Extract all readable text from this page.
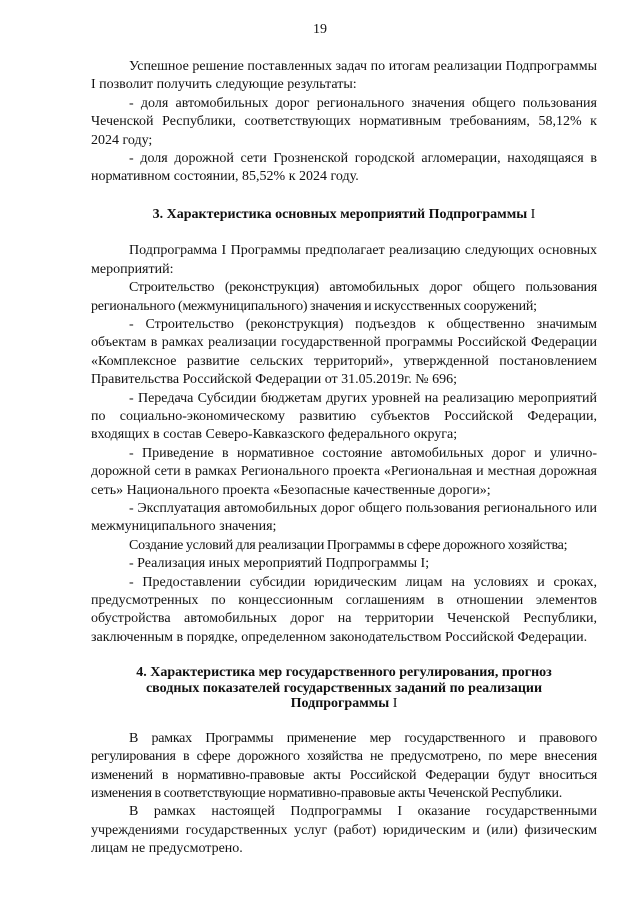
19

Успешное решение поставленных задач по итогам реализации Подпрограммы I позволит получить следующие результаты:

- доля автомобильных дорог регионального значения общего пользования Чеченской Республики, соответствующих нормативным требованиям, 58,12% к 2024 году;

- доля дорожной сети Грозненской городской агломерации, находящаяся в нормативном состоянии, 85,52% к 2024 году.

3. Характеристика основных мероприятий Подпрограммы I

Подпрограмма I Программы предполагает реализацию следующих основных мероприятий:

Строительство (реконструкция) автомобильных дорог общего пользования регионального (межмуниципального) значения и искусственных сооружений;

- Строительство (реконструкция) подъездов к общественно значимым объектам в рамках реализации государственной программы Российской Федерации «Комплексное развитие сельских территорий», утвержденной постановлением Правительства Российской Федерации от 31.05.2019г. № 696;

- Передача Субсидии бюджетам других уровней на реализацию мероприятий по социально-экономическому развитию субъектов Российской Федерации, входящих в состав Северо-Кавказского федерального округа;

- Приведение в нормативное состояние автомобильных дорог и улично-дорожной сети в рамках Регионального проекта «Региональная и местная дорожная сеть» Национального проекта «Безопасные качественные дороги»;

- Эксплуатация автомобильных дорог общего пользования регионального или межмуниципального значения;

Создание условий для реализации Программы в сфере дорожного хозяйства;

- Реализация иных мероприятий Подпрограммы I;

- Предоставлении субсидии юридическим лицам на условиях и сроках, предусмотренных по концессионным соглашениям в отношении элементов обустройства автомобильных дорог на территории Чеченской Республики, заключенным в порядке, определенном законодательством Российской Федерации.

4. Характеристика мер государственного регулирования, прогноз
сводных показателей государственных заданий по реализации
Подпрограммы I

В рамках Программы применение мер государственного и правового регулирования в сфере дорожного хозяйства не предусмотрено, по мере внесения изменений в нормативно-правовые акты Российской Федерации будут вноситься изменения в соответствующие нормативно-правовые акты Чеченской Республики.

В рамках настоящей Подпрограммы I оказание государственными учреждениями государственных услуг (работ) юридическим и (или) физическим лицам не предусмотрено.
